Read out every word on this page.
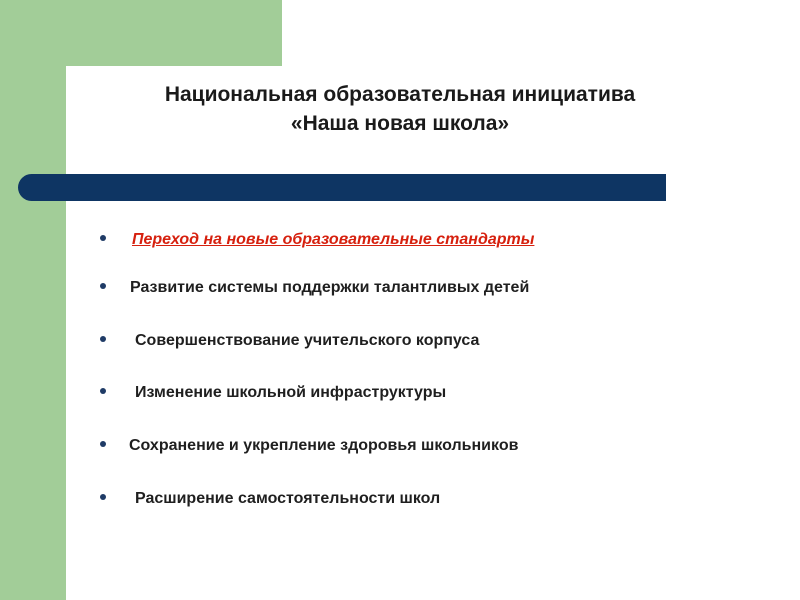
Национальная образовательная инициатива
«Наша новая школа»
Переход на новые образовательные стандарты
Развитие системы поддержки талантливых детей
Совершенствование учительского корпуса
Изменение школьной инфраструктуры
Сохранение и укрепление здоровья школьников
Расширение самостоятельности школ
